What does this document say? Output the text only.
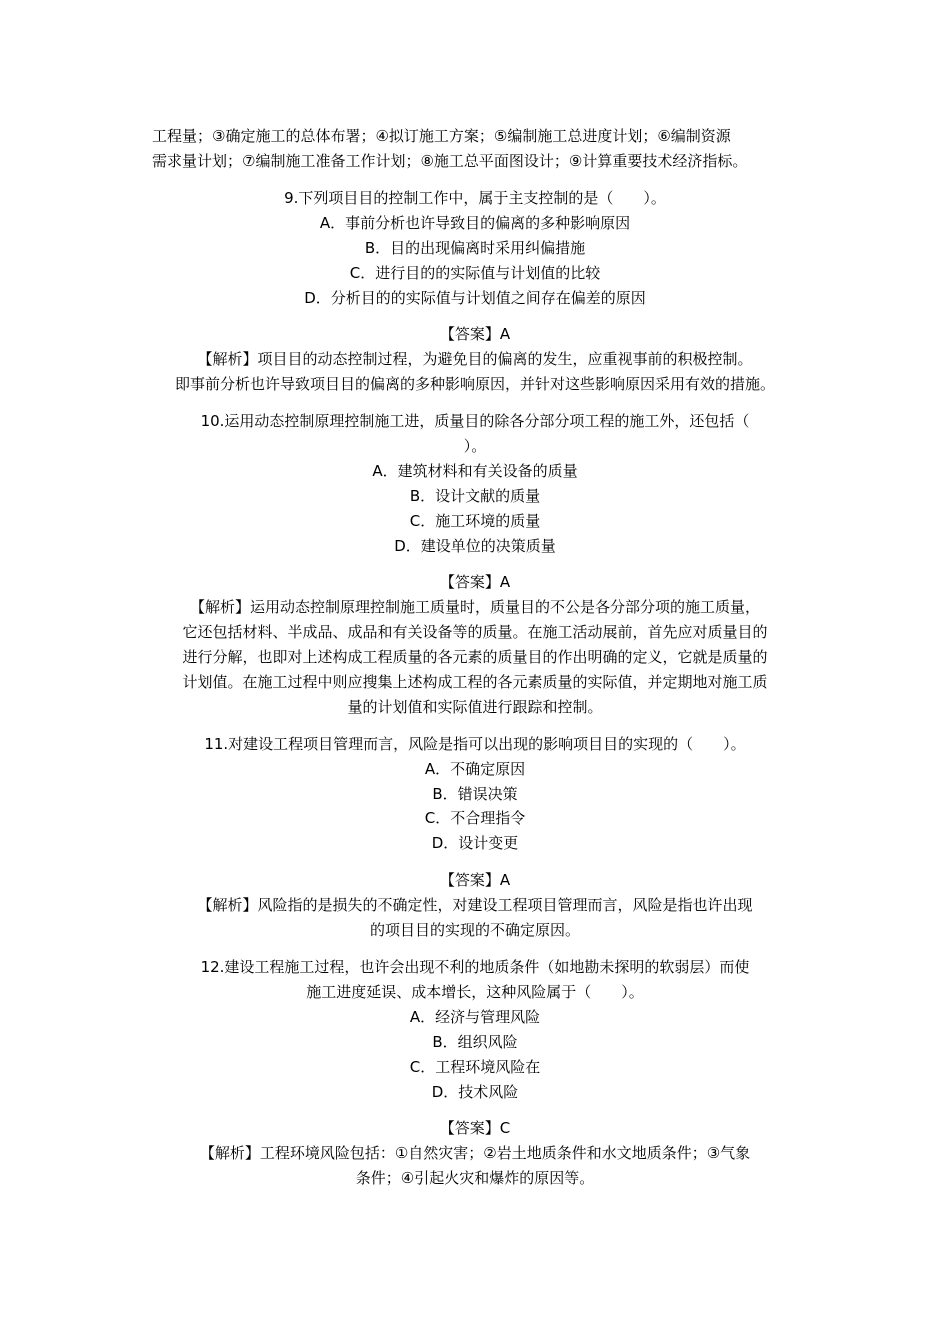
工程量；③确定施工的总体布署；④拟订施工方案；⑤编制施工总进度计划；⑥编制资源
需求量计划；⑦编制施工准备工作计划；⑧施工总平面图设计；⑨计算重要技术经济指标。
9.下列项目目的控制工作中，属于主支控制的是（　　）。
A．事前分析也许导致目的偏离的多种影响原因
B．目的出现偏离时采用纠偏措施
C．进行目的的实际值与计划值的比较
D．分析目的的实际值与计划值之间存在偏差的原因
【答案】A
【解析】项目目的动态控制过程，为避免目的偏离的发生，应重视事前的积极控制。
即事前分析也许导致项目目的偏离的多种影响原因，并针对这些影响原因采用有效的措施。
10.运用动态控制原理控制施工进，质量目的除各分部分项工程的施工外，还包括（
）。
A．建筑材料和有关设备的质量
B．设计文献的质量
C．施工环境的质量
D．建设单位的决策质量
【答案】A
【解析】运用动态控制原理控制施工质量时，质量目的不公是各分部分项的施工质量，
它还包括材料、半成品、成品和有关设备等的质量。在施工活动展前，首先应对质量目的
进行分解，也即对上述构成工程质量的各元素的质量目的作出明确的定义，它就是质量的
计划值。在施工过程中则应搜集上述构成工程的各元素质量的实际值，并定期地对施工质
量的计划值和实际值进行跟踪和控制。
11.对建设工程项目管理而言，风险是指可以出现的影响项目目的实现的（　　）。
A．不确定原因
B．错误决策
C．不合理指令
D．设计变更
【答案】A
【解析】风险指的是损失的不确定性，对建设工程项目管理而言，风险是指也许出现
的项目目的实现的不确定原因。
12.建设工程施工过程，也许会出现不利的地质条件（如地勘未探明的软弱层）而使
施工进度延误、成本增长，这种风险属于（　　）。
A．经济与管理风险
B．组织风险
C．工程环境风险在
D．技术风险
【答案】C
【解析】工程环境风险包括：①自然灾害；②岩土地质条件和水文地质条件；③气象
条件；④引起火灾和爆炸的原因等。
